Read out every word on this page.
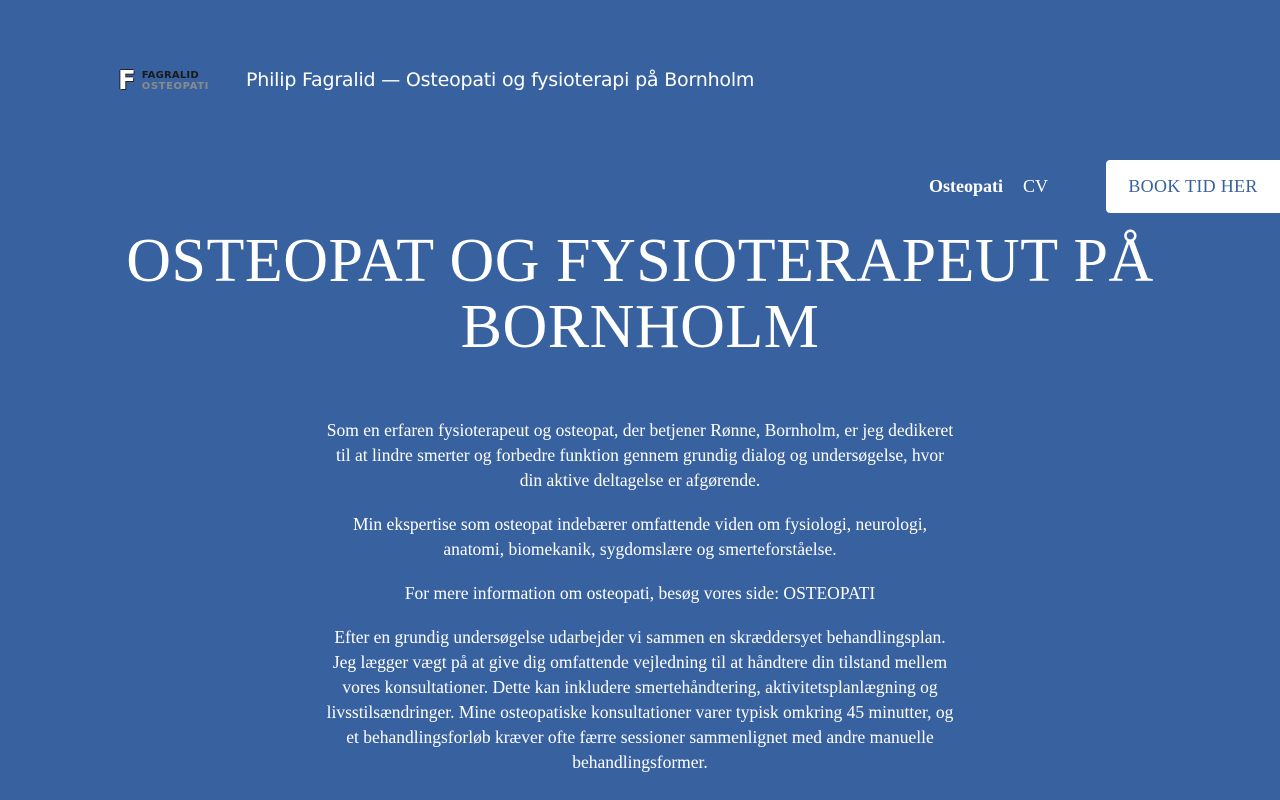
F FAGRALID
OSTEOPATI Philip Fagralid — Osteopati og fysioterapi på Bornholm
Osteopati CV	BOOK TID HER
OSTEOPAT OG FYSIOTERAPEUT PÅ
BORNHOLM

Som en erfaren fysioterapeut og osteopat, der betjener Rønne, Bornholm, er jeg dedikeret til at lindre smerter og forbedre funktion gennem grundig dialog og undersøgelse, hvor din aktive deltagelse er afgørende.

Min ekspertise som osteopat indebærer omfattende viden om fysiologi, neurologi, anatomi, biomekanik, sygdomslære og smerteforståelse.

For mere information om osteopati, besøg vores side: OSTEOPATI

Efter en grundig undersøgelse udarbejder vi sammen en skræddersyet behandlingsplan. Jeg lægger vægt på at give dig omfattende vejledning til at håndtere din tilstand mellem vores konsultationer. Dette kan inkludere smertehåndtering, aktivitetsplanlægning og livsstilsændringer. Mine osteopatiske konsultationer varer typisk omkring 45 minutter, og et behandlingsforløb kræver ofte færre sessioner sammenlignet med andre manuelle behandlingsformer.
